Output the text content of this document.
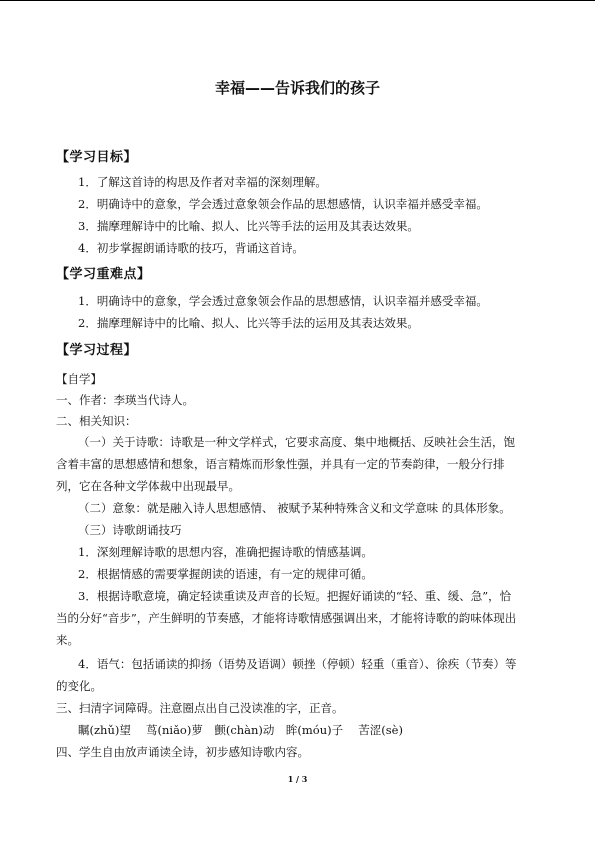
幸福——告诉我们的孩子
【学习目标】
1．了解这首诗的构思及作者对幸福的深刻理解。
2．明确诗中的意象，学会透过意象领会作品的思想感情，认识幸福并感受幸福。
3．揣摩理解诗中的比喻、拟人、比兴等手法的运用及其表达效果。
4．初步掌握朗诵诗歌的技巧，背诵这首诗。
【学习重难点】
1．明确诗中的意象，学会透过意象领会作品的思想感情，认识幸福并感受幸福。
2．揣摩理解诗中的比喻、拟人、比兴等手法的运用及其表达效果。
【学习过程】
【自学】
一、作者：李瑛当代诗人。
二、相关知识：
（一）关于诗歌：诗歌是一种文学样式，它要求高度、集中地概括、反映社会生活，饱
含着丰富的思想感情和想象，语言精炼而形象性强，并具有一定的节奏韵律，一般分行排
列，它在各种文学体裁中出现最早。
（二）意象：就是融入诗人思想感情、 被赋予某种特殊含义和文学意味 的具体形象。
（三）诗歌朗诵技巧
1．深刻理解诗歌的思想内容，准确把握诗歌的情感基调。
2．根据情感的需要掌握朗读的语速，有一定的规律可循。
3．根据诗歌意境，确定轻读重读及声音的长短。把握好诵读的“轻、重、缓、急”，恰
当的分好“音步”，产生鲜明的节奏感，才能将诗歌情感强调出来，才能将诗歌的韵味体现出
来。
4．语气：包括诵读的抑扬（语势及语调）顿挫（停顿）轻重（重音）、徐疾（节奏）等
的变化。
三、扫清字词障碍。注意圈点出自己没读准的字，正音。
瞩(zhǔ)望　 茑(niǎo)萝　颤(chàn)动　眸(móu)子　 苦涩(sè)
四、学生自由放声诵读全诗，初步感知诗歌内容。
1 / 3
